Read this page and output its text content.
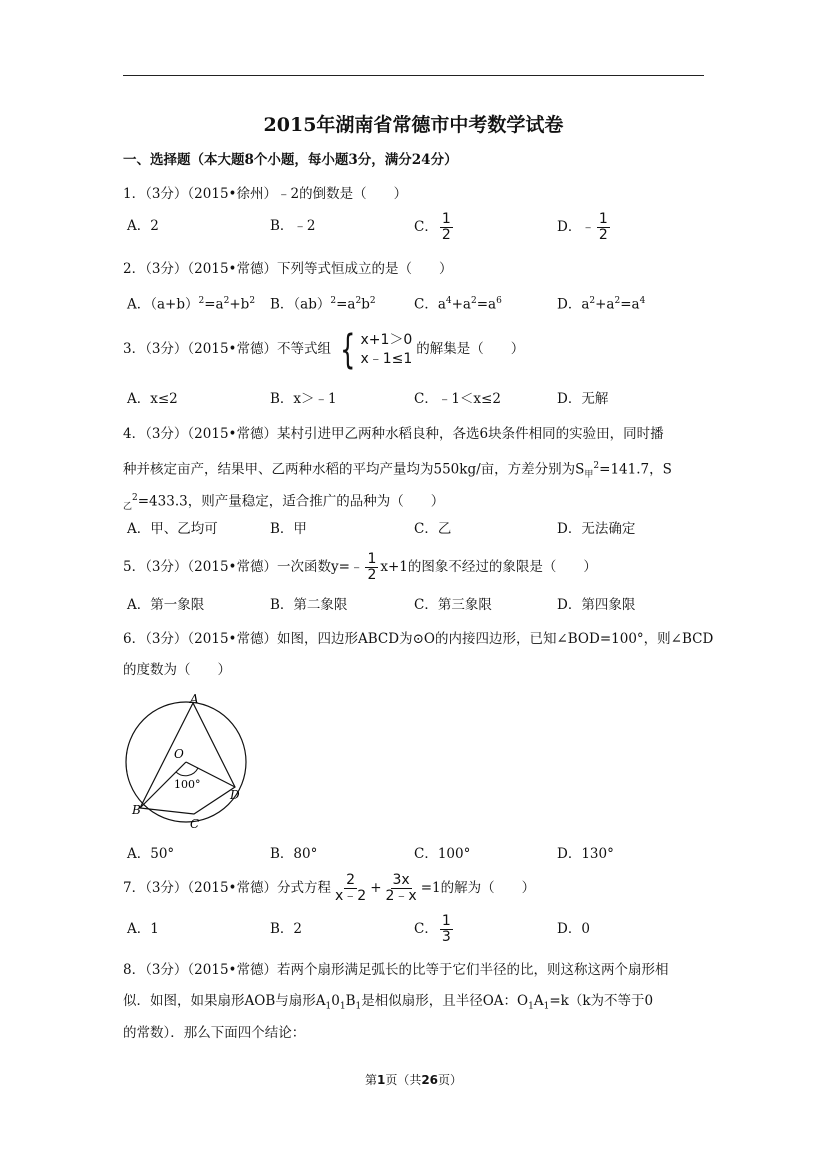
2015年湖南省常德市中考数学试卷
一、选择题（本大题8个小题，每小题3分，满分24分）
1．（3分）（2015•徐州）﹣2的倒数是（　　）
A．2	B．﹣2	C． $\frac{1}{2}$	D．﹣ $\frac{1}{2}$
2．（3分）（2015•常德）下列等式恒成立的是（　　）
A．$(a+b)^2=a^2+b^2$ B．$(ab)^2=a^2b^2$	C．$a^4+a^2=a^6$	D．$a^2+a^2=a^4$
3．（3分）（2015•常德）不等式组 { x+1＞0
x﹣1≤1
的解集是（　　）
A．x≤2	B．x＞﹣1	C．﹣1＜x≤2	D．无解
4．（3分）（2015•常德）某村引进甲乙两种水稻良种，各选6块条件相同的实验田，同时播
种并核定亩产，结果甲、乙两种水稻的平均产量均为550kg/亩，方差分别为$S_甲^2=141.7$，S
$_乙^2$=433.3，则产量稳定，适合推广的品种为（　　）
A．甲、乙均可	B．甲	C．乙	D．无法确定
5．（3分）（2015•常德）一次函数y=﹣ $\frac{1}{2} x+1$的图象不经过的象限是（　　）
A．第一象限	B．第二象限	C．第三象限	D．第四象限
6．（3分）（2015•常德）如图，四边形ABCD为⊙O的内接四边形，已知∠BOD=100°，则∠BCD
的度数为（　　）
A
O
100°
B
C
D
A．50°	B．80°	C．100°	D．130°
7．（3分）（2015•常德）分式方程 $\frac{2}{x﹣2} + \frac{3x}{2﹣x} =1$的解为（　　）
A．1	B．2	C． $\frac{1}{3}$	D．0
8．（3分）（2015•常德）若两个扇形满足弧长的比等于它们半径的比，则这称这两个扇形相
似．如图，如果扇形AOB与扇形$A_10_1B_1$是相似扇形，且半径OA：$O_1A_1=k(k$为不等于0
的常数）．那么下面四个结论：
第1页（共26页）
